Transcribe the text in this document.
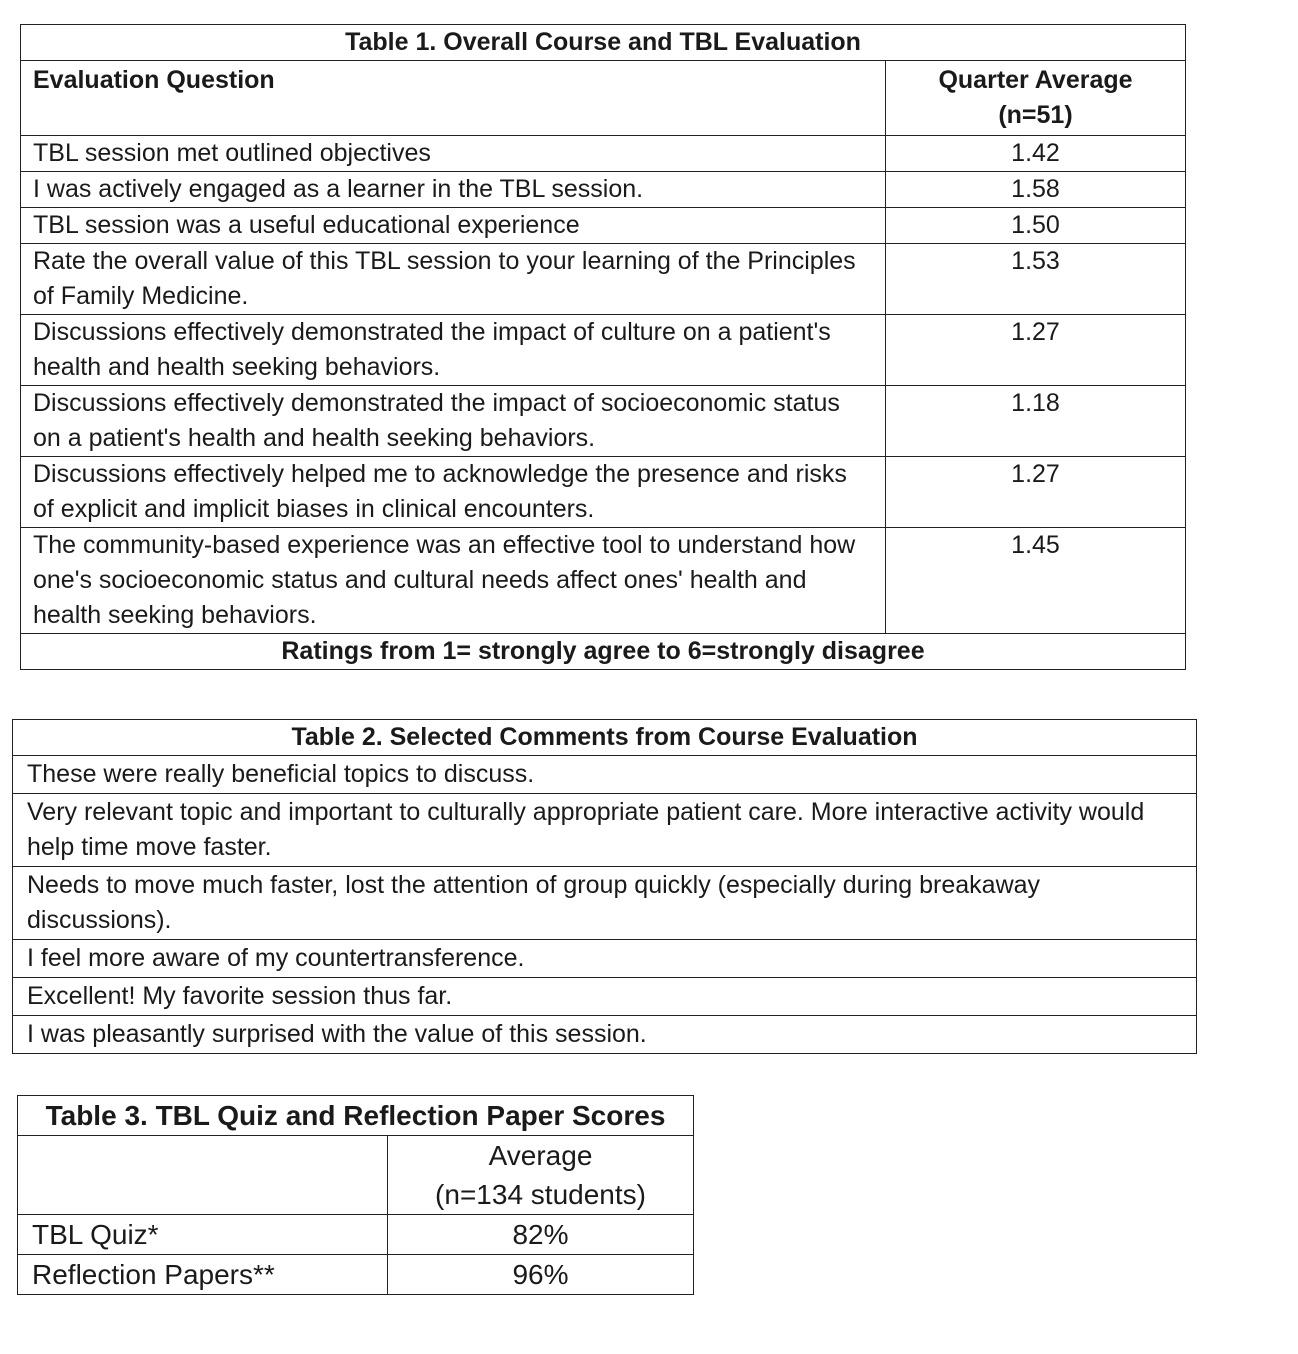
Table 1. Overall Course and TBL Evaluation	
Evaluation Question	Quarter Average
(n=51)
TBL session met outlined objectives	1.42
I was actively engaged as a learner in the TBL session.	1.58
TBL session was a useful educational experience	1.50
Rate the overall value of this TBL session to your learning of the Principles of Family Medicine.	1.53
Discussions effectively demonstrated the impact of culture on a patient's health and health seeking behaviors.	1.27
Discussions effectively demonstrated the impact of socioeconomic status on a patient's health and health seeking behaviors.	1.18
Discussions effectively helped me to acknowledge the presence and risks of explicit and implicit biases in clinical encounters.	1.27
The community-based experience was an effective tool to understand how one's socioeconomic status and cultural needs affect ones' health and health seeking behaviors.	1.45
Ratings from 1= strongly agree to 6=strongly disagree	
Table 2. Selected Comments from Course Evaluation
These were really beneficial topics to discuss.
Very relevant topic and important to culturally appropriate patient care. More interactive activity would help time move faster.
Needs to move much faster, lost the attention of group quickly (especially during breakaway discussions).
I feel more aware of my countertransference.
Excellent! My favorite session thus far.
I was pleasantly surprised with the value of this session.
Table 3. TBL Quiz and Reflection Paper Scores	
	Average
(n=134 students)
TBL Quiz*	82%
Reflection Papers**	96%
